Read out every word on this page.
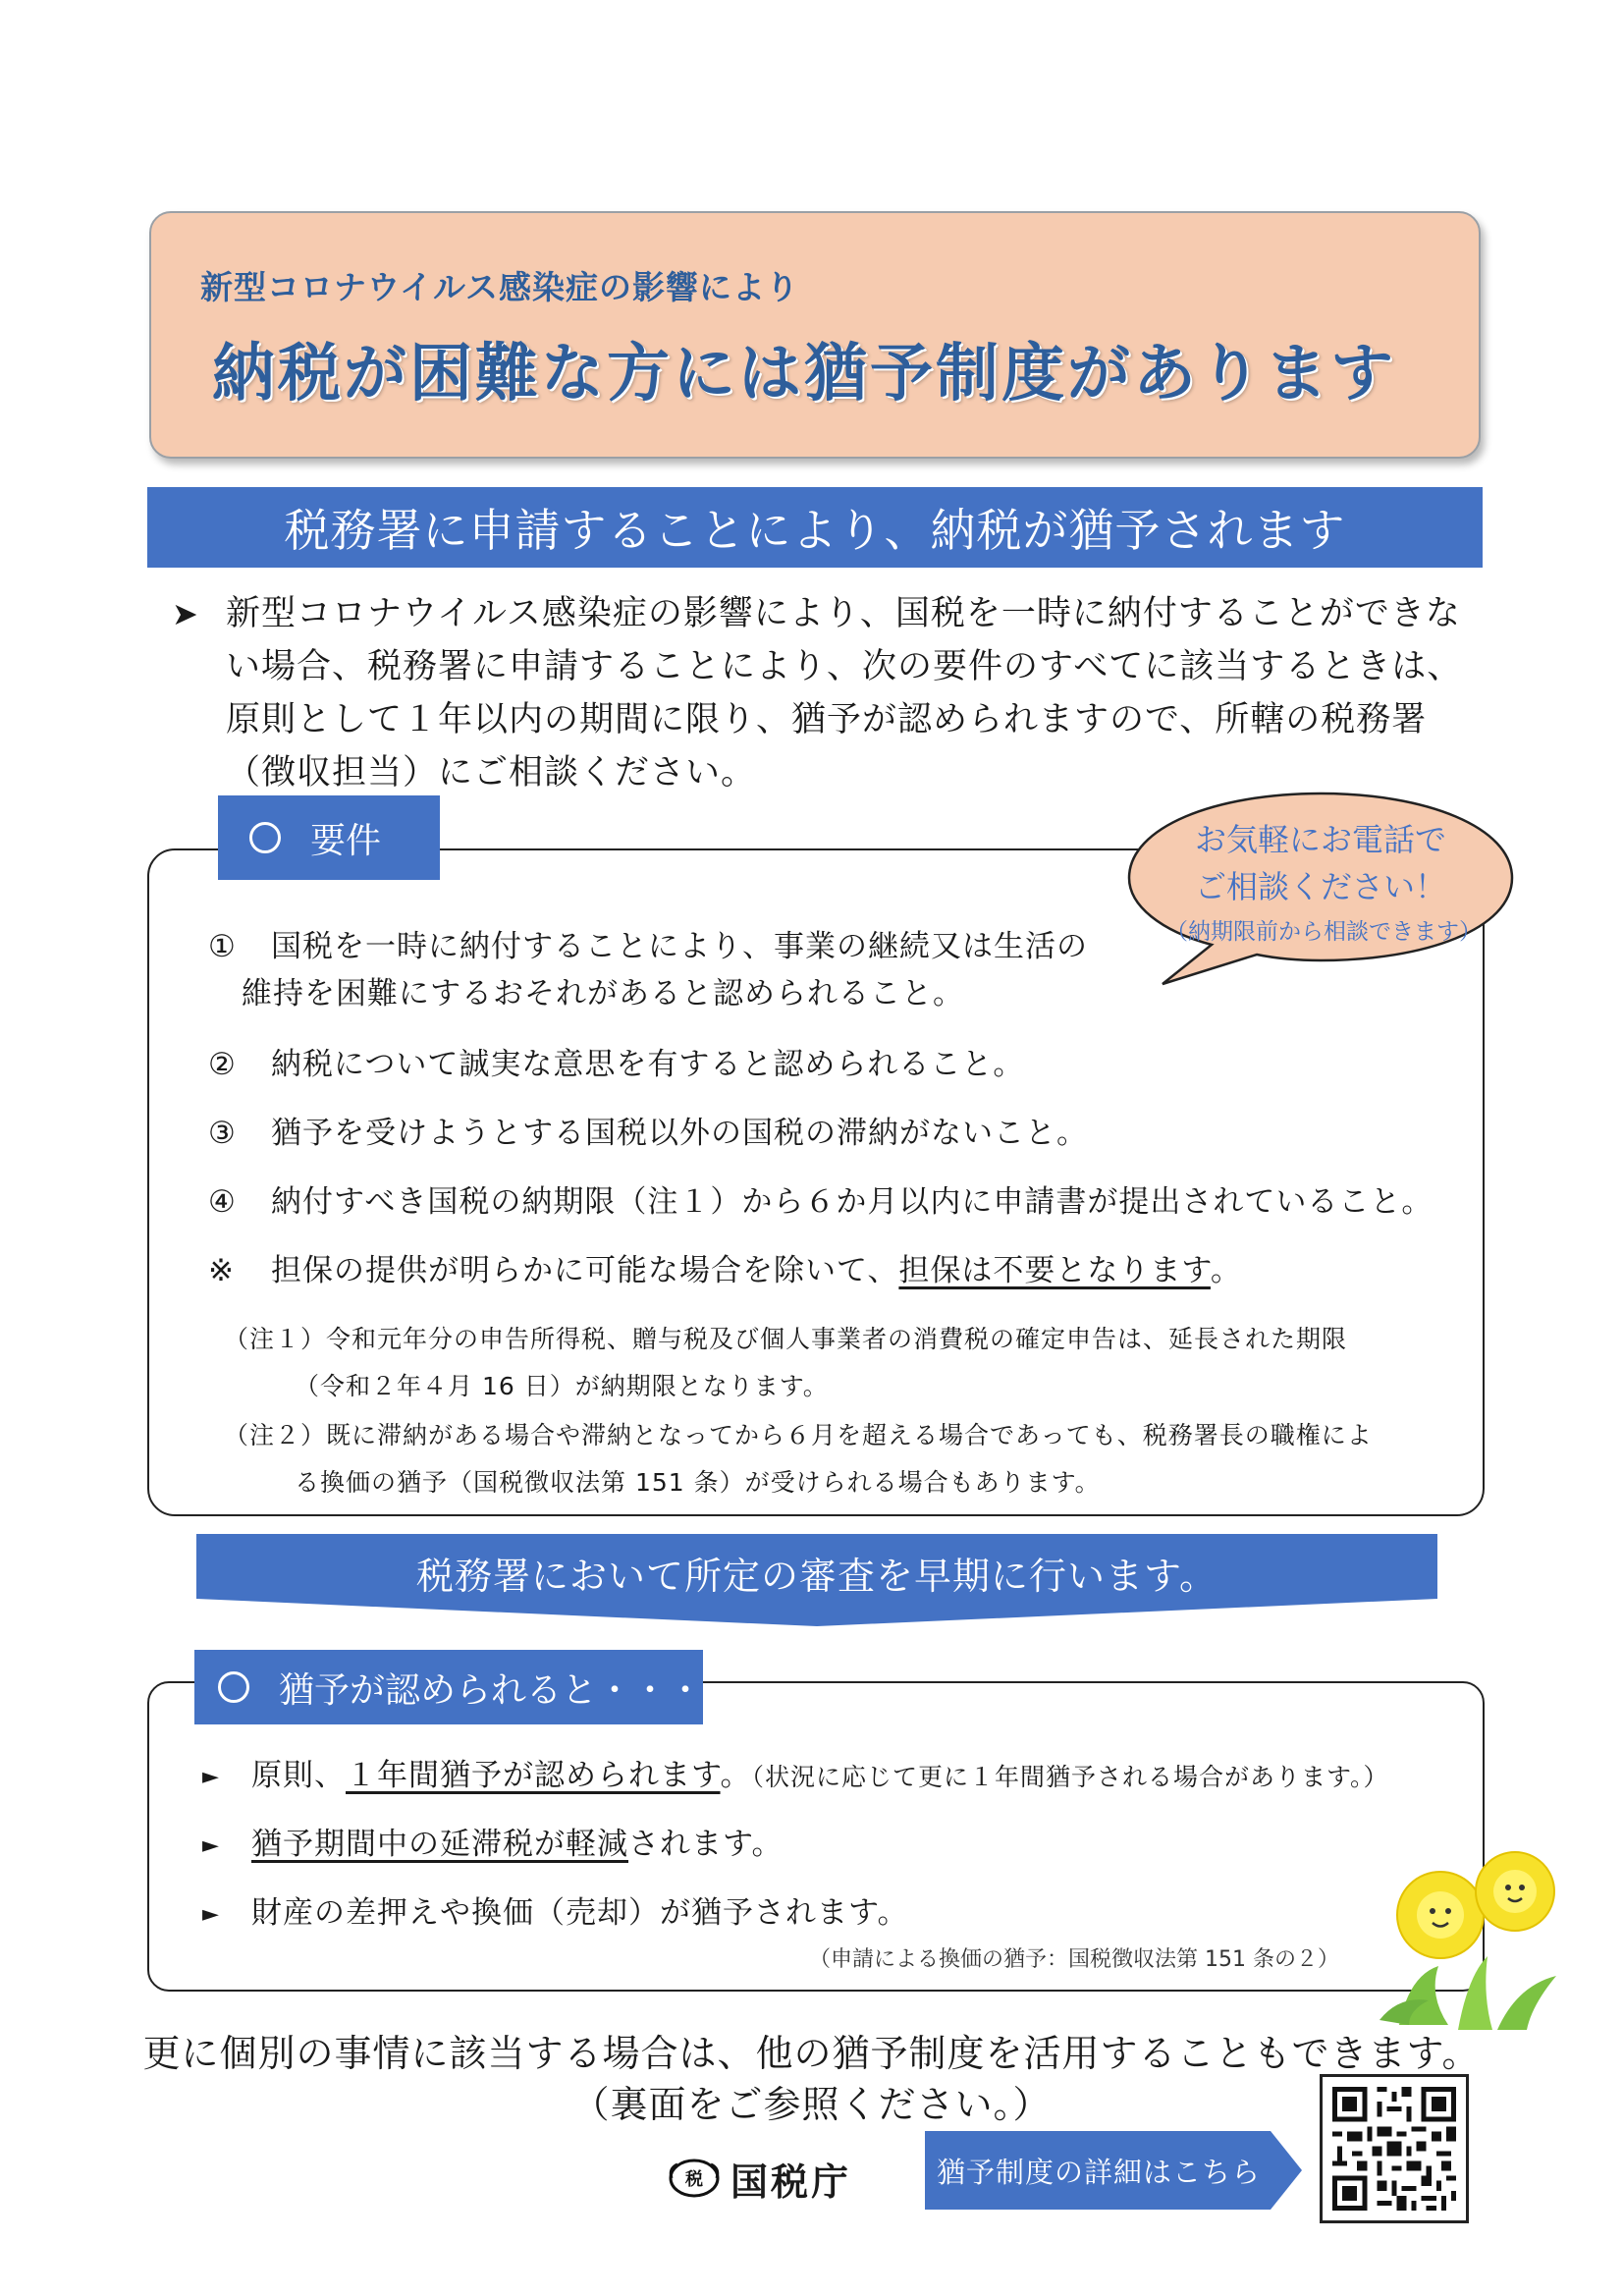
新型コロナウイルス感染症の影響により
納税が困難な方には猶予制度があります
税務署に申請することにより、納税が猶予されます
➤ 新型コロナウイルス感染症の影響により、国税を一時に納付することができない場合、税務署に申請することにより、次の要件のすべてに該当するときは、原則として１年以内の期間に限り、猶予が認められますので、所轄の税務署（徴収担当）にご相談ください。
要件
① 国税を一時に納付することにより、事業の継続又は生活の
維持を困難にするおそれがあると認められること。
② 納税について誠実な意思を有すると認められること。
③ 猶予を受けようとする国税以外の国税の滞納がないこと。
④ 納付すべき国税の納期限（注１）から６か月以内に申請書が提出されていること。
※ 担保の提供が明らかに可能な場合を除いて、担保は不要となります。
（注１）令和元年分の申告所得税、贈与税及び個人事業者の消費税の確定申告は、延長された期限
（令和２年４月 16 日）が納期限となります。
（注２）既に滞納がある場合や滞納となってから６月を超える場合であっても、税務署長の職権によ
る換価の猶予（国税徴収法第 151 条）が受けられる場合もあります。
お気軽にお電話で
ご相談ください！
（納期限前から相談できます）
税務署において所定の審査を早期に行います。
猶予が認められると・・・
► 原則、１年間猶予が認められます。（状況に応じて更に１年間猶予される場合があります。）
► 猶予期間中の延滞税が軽減されます。
► 財産の差押えや換価（売却）が猶予されます。
（申請による換価の猶予：国税徴収法第 151 条の２）
更に個別の事情に該当する場合は、他の猶予制度を活用することもできます。
（裏面をご参照ください。）
税 国税庁	猶予制度の詳細はこちら
